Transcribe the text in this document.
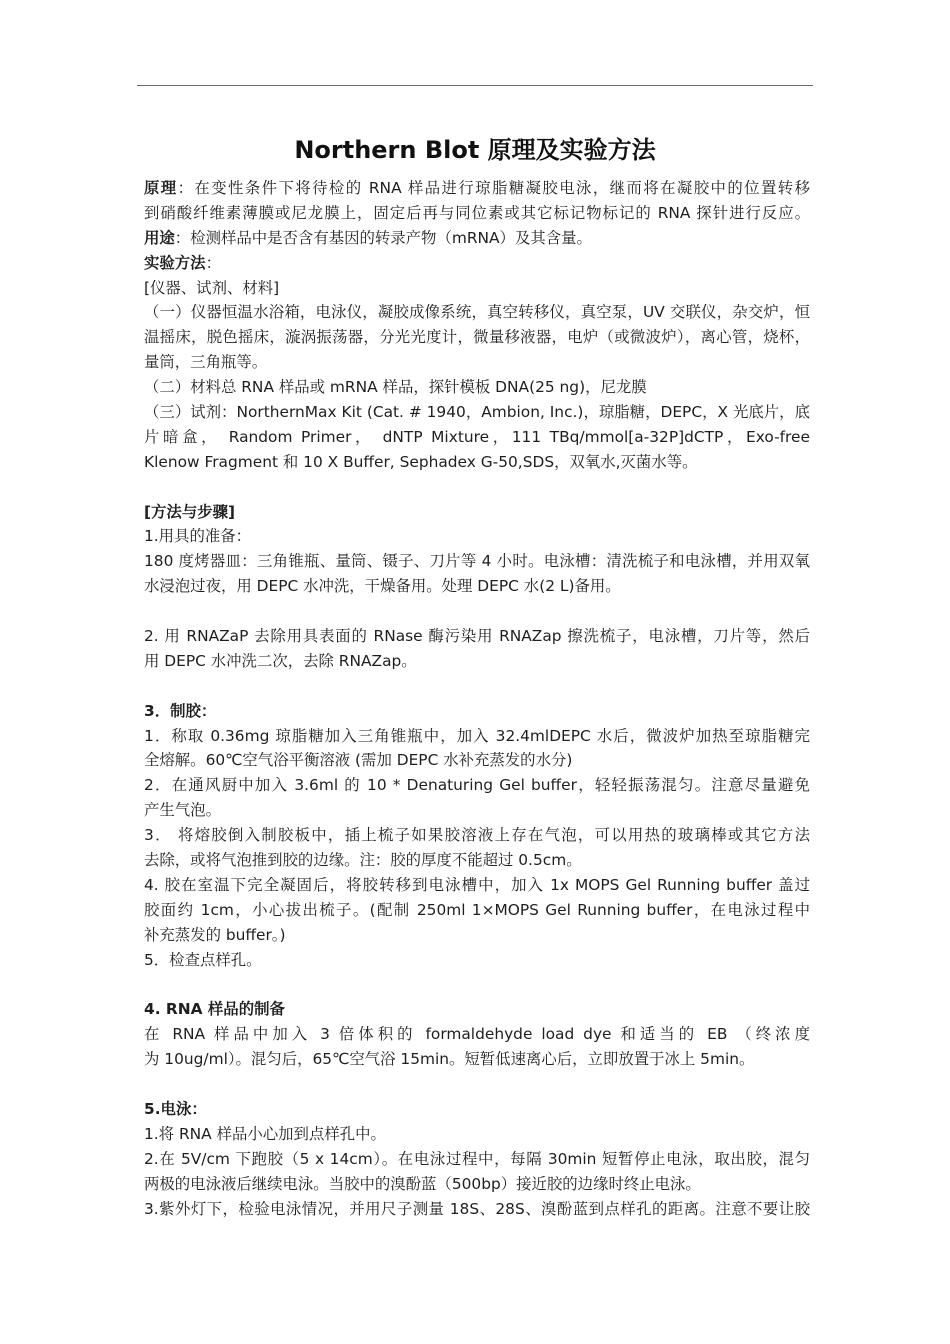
Northern Blot 原理及实验方法
原理：在变性条件下将待检的 RNA 样品进行琼脂糖凝胶电泳，继而将在凝胶中的位置转移
到硝酸纤维素薄膜或尼龙膜上，固定后再与同位素或其它标记物标记的 RNA 探针进行反应。
用途：检测样品中是否含有基因的转录产物（mRNA）及其含量。
实验方法：
[仪器、试剂、材料]
（一）仪器恒温水浴箱，电泳仪，凝胶成像系统，真空转移仪，真空泵，UV 交联仪，杂交炉，恒
温摇床，脱色摇床，漩涡振荡器，分光光度计，微量移液器，电炉（或微波炉），离心管，烧杯，
量筒，三角瓶等。
（二）材料总 RNA 样品或 mRNA 样品，探针模板 DNA(25 ng)，尼龙膜
（三）试剂：NorthernMax Kit (Cat. # 1940，Ambion, Inc.)，琼脂糖，DEPC，X 光底片，底
片暗盒， Random Primer， dNTP Mixture，111 TBq/mmol[a-32P]dCTP，Exo-free
Klenow Fragment 和 10 X Buffer, Sephadex G-50,SDS，双氧水,灭菌水等。
[方法与步骤]
1.用具的准备：
180 度烤器皿：三角锥瓶、量筒、镊子、刀片等 4 小时。电泳槽：清洗梳子和电泳槽，并用双氧
水浸泡过夜，用 DEPC 水冲洗，干燥备用。处理 DEPC 水(2 L)备用。
2. 用 RNAZaP 去除用具表面的 RNase 酶污染用 RNAZap 擦洗梳子，电泳槽，刀片等，然后
用 DEPC 水冲洗二次，去除 RNAZap。
3．制胶：
1．称取 0.36mg 琼脂糖加入三角锥瓶中，加入 32.4mlDEPC 水后，微波炉加热至琼脂糖完
全熔解。60℃空气浴平衡溶液 (需加 DEPC 水补充蒸发的水分)
2．在通风厨中加入 3.6ml 的 10 * Denaturing Gel buffer，轻轻振荡混匀。注意尽量避免
产生气泡。
3． 将熔胶倒入制胶板中，插上梳子如果胶溶液上存在气泡，可以用热的玻璃棒或其它方法
去除，或将气泡推到胶的边缘。注：胶的厚度不能超过 0.5cm。
4. 胶在室温下完全凝固后，将胶转移到电泳槽中，加入 1x MOPS Gel Running buffer 盖过
胶面约 1cm，小心拔出梳子。(配制 250ml 1×MOPS Gel Running buffer，在电泳过程中
补充蒸发的 buffer。)
5．检查点样孔。
4. RNA 样品的制备
在 RNA 样品中加入 3 倍体积的 formaldehyde load dye 和适当的 EB （终浓度
为 10ug/ml）。混匀后，65℃空气浴 15min。短暂低速离心后，立即放置于冰上 5min。
5.电泳：
1.将 RNA 样品小心加到点样孔中。
2.在 5V/cm 下跑胶（5 x 14cm）。在电泳过程中，每隔 30min 短暂停止电泳，取出胶，混匀
两极的电泳液后继续电泳。当胶中的溴酚蓝（500bp）接近胶的边缘时终止电泳。
3.紫外灯下，检验电泳情况，并用尺子测量 18S、28S、溴酚蓝到点样孔的距离。注意不要让胶
